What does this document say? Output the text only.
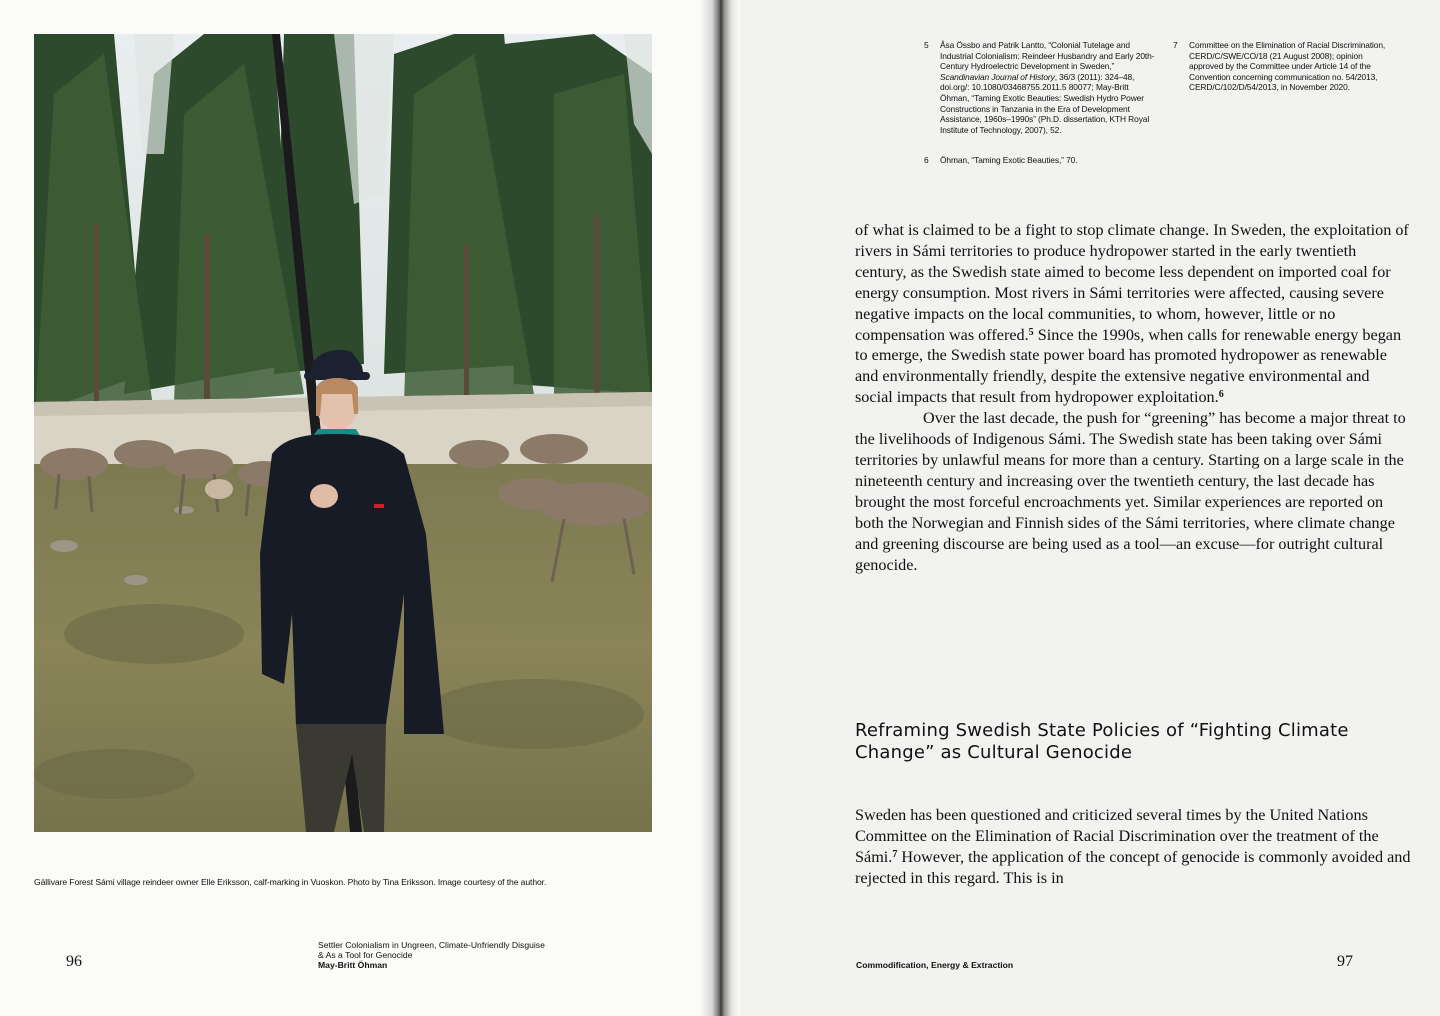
Gällivare Forest Sámi village reindeer owner Elle Eriksson, calf-marking in Vuoskon. Photo by Tina Eriksson. Image courtesy of the author.
96
Settler Colonialism in Ungreen, Climate-Unfriendly Disguise
& As a Tool for Genocide
May-Britt Öhman
5 Åsa Össbo and Patrik Lantto, “Colonial Tutelage and Industrial Colonialism: Reindeer Husbandry and Early 20th-Century Hydroelectric Development in Sweden,” Scandinavian Journal of History, 36/3 (2011): 324–48, doi.org/: 10.1080/03468755.2011.5 80077; May-Britt Öhman, “Taming Exotic Beauties: Swedish Hydro Power Constructions in Tanzania in the Era of Development Assistance, 1960s–1990s” (Ph.D. dissertation, KTH Royal Institute of Technology, 2007), 52.
6 Öhman, “Taming Exotic Beauties,” 70.
7 Committee on the Elimination of Racial Discrimination, CERD/C/SWE/CO/18 (21 August 2008); opinion approved by the Committee under Article 14 of the Convention concerning communication no. 54/2013, CERD/C/102/D/54/2013, in November 2020.

of what is claimed to be a fight to stop climate change. In Sweden, the exploitation of rivers in Sámi territories to produce hydropower started in the early twentieth century, as the Swedish state aimed to become less dependent on imported coal for energy consumption. Most rivers in Sámi territories were affected, causing severe negative impacts on the local communities, to whom, however, little or no compensation was offered.$^5$ Since the 1990s, when calls for renewable energy began to emerge, the Swedish state power board has promoted hydropower as renewable and environmentally friendly, despite the extensive negative environmental and social impacts that result from hydropower exploitation.$^6$

Over the last decade, the push for “greening” has become a major threat to the livelihoods of Indigenous Sámi. The Swedish state has been taking over Sámi territories by unlawful means for more than a century. Starting on a large scale in the nineteenth century and increasing over the twentieth century, the last decade has brought the most forceful encroachments yet. Similar experiences are reported on both the Norwegian and Finnish sides of the Sámi territories, where climate change and greening discourse are being used as a tool—an excuse—for outright cultural genocide.

Reframing Swedish State Policies of “Fighting Climate Change” as Cultural Genocide

Sweden has been questioned and criticized several times by the United Nations Committee on the Elimination of Racial Discrimination over the treatment of the Sámi.$^7$ However, the application of the concept of genocide is commonly avoided and rejected in this regard. This is in

Commodification, Energy & Extraction	97
